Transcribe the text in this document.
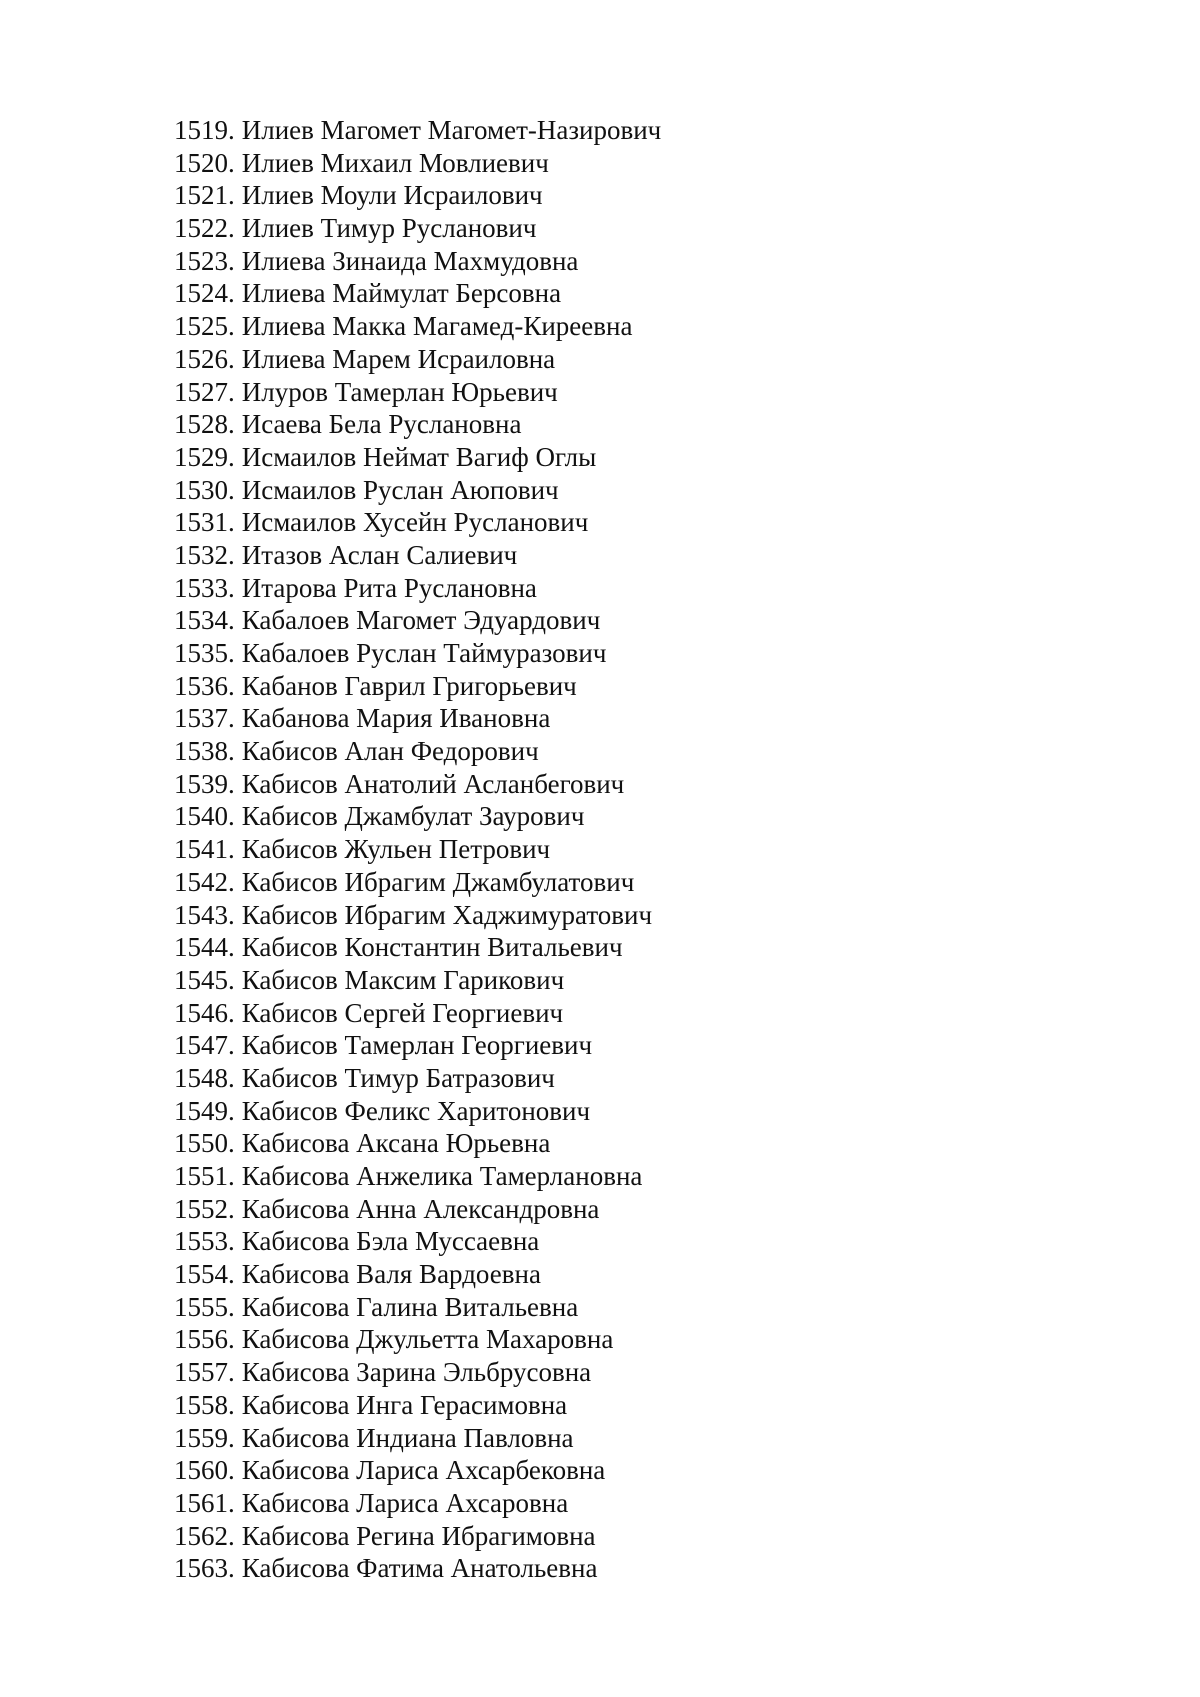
1519. Илиев Магомет Магомет-Назирович
1520. Илиев Михаил Мовлиевич
1521. Илиев Моули Исраилович
1522. Илиев Тимур Русланович
1523. Илиева Зинаида Махмудовна
1524. Илиева Маймулат Берсовна
1525. Илиева Макка Магамед-Киреевна
1526. Илиева Марем Исраиловна
1527. Илуров Тамерлан Юрьевич
1528. Исаева Бела Руслановна
1529. Исмаилов Неймат Вагиф Оглы
1530. Исмаилов Руслан Аюпович
1531. Исмаилов Хусейн Русланович
1532. Итазов Аслан Салиевич
1533. Итарова Рита Руслановна
1534. Кабалоев Магомет Эдуардович
1535. Кабалоев Руслан Таймуразович
1536. Кабанов Гаврил Григорьевич
1537. Кабанова Мария Ивановна
1538. Кабисов Алан Федорович
1539. Кабисов Анатолий Асланбегович
1540. Кабисов Джамбулат Заурович
1541. Кабисов Жульен Петрович
1542. Кабисов Ибрагим Джамбулатович
1543. Кабисов Ибрагим Хаджимуратович
1544. Кабисов Константин Витальевич
1545. Кабисов Максим Гарикович
1546. Кабисов Сергей Георгиевич
1547. Кабисов Тамерлан Георгиевич
1548. Кабисов Тимур Батразович
1549. Кабисов Феликс Харитонович
1550. Кабисова Аксана Юрьевна
1551. Кабисова Анжелика Тамерлановна
1552. Кабисова Анна Александровна
1553. Кабисова Бэла Муссаевна
1554. Кабисова Валя Вардоевна
1555. Кабисова Галина Витальевна
1556. Кабисова Джульетта Махаровна
1557. Кабисова Зарина Эльбрусовна
1558. Кабисова Инга Герасимовна
1559. Кабисова Индиана Павловна
1560. Кабисова Лариса Ахсарбековна
1561. Кабисова Лариса Ахсаровна
1562. Кабисова Регина Ибрагимовна
1563. Кабисова Фатима Анатольевна
